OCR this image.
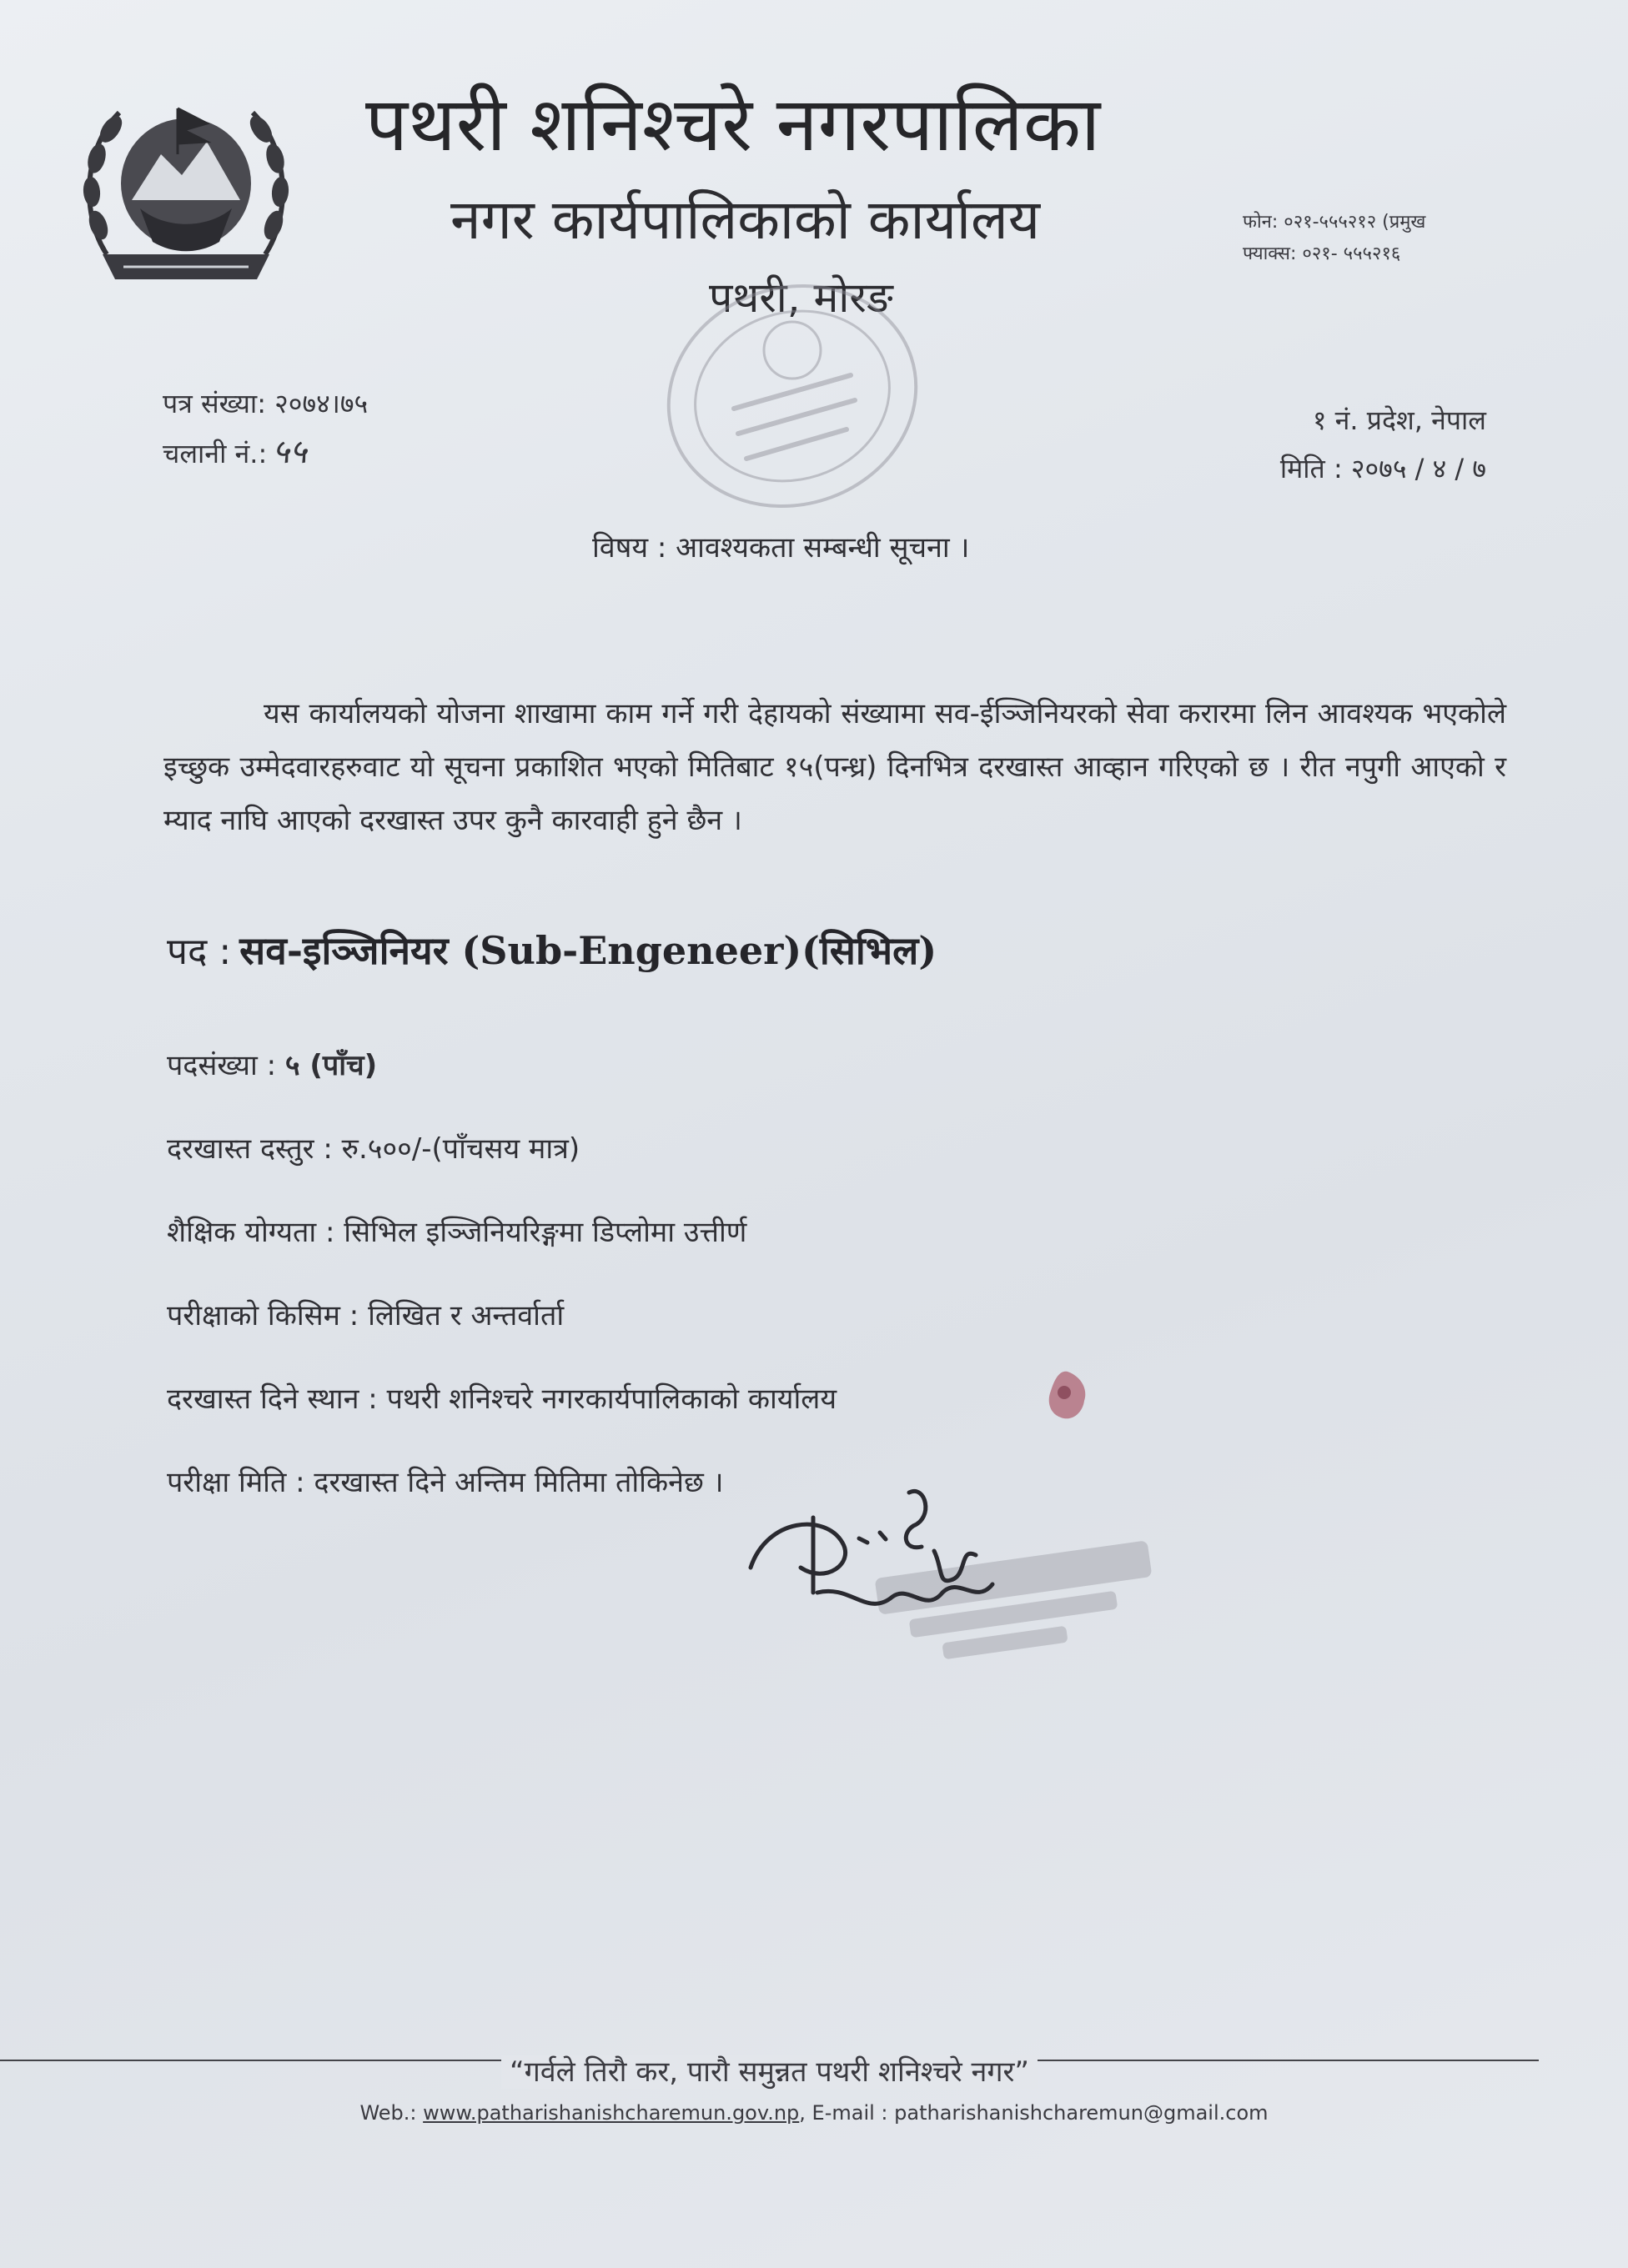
पथरी शनिश्चरे नगरपालिका
नगर कार्यपालिकाको कार्यालय
पथरी, मोरङ
फोन: ०२१-५५५२१२ (प्रमुख
फ्याक्स: ०२१- ५५५२१६
पत्र संख्या: २०७४।७५
चलानी नं.: ५५
१ नं. प्रदेश, नेपाल
मिति : २०७५ / ४ / ७
विषय : आवश्यकता सम्बन्धी सूचना ।
यस कार्यालयको योजना शाखामा काम गर्ने गरी देहायको संख्यामा सव-ईञ्जिनियरको सेवा करारमा लिन आवश्यक भएकोले इच्छुक उम्मेदवारहरुवाट यो सूचना प्रकाशित भएको मितिबाट १५(पन्ध्र) दिनभित्र दरखास्त आव्हान गरिएको छ । रीत नपुगी आएको र म्याद नाघि आएको दरखास्त उपर कुनै कारवाही हुने छैन ।
पद : सव-इञ्जिनियर (Sub-Engeneer)(सिभिल)
पदसंख्या : ५ (पाँच)
दरखास्त दस्तुर : रु.५००/-(पाँचसय मात्र)
शैक्षिक योग्यता : सिभिल इञ्जिनियरिङ्गमा डिप्लोमा उत्तीर्ण
परीक्षाको किसिम : लिखित र अन्तर्वार्ता
दरखास्त दिने स्थान : पथरी शनिश्चरे नगरकार्यपालिकाको कार्यालय
परीक्षा मिति : दरखास्त दिने अन्तिम मितिमा तोकिनेछ ।
“गर्वले तिरौ कर, पारौ समुन्नत पथरी शनिश्चरे नगर”
Web.: www.patharishanishcharemun.gov.np, E-mail : patharishanishcharemun@gmail.com
